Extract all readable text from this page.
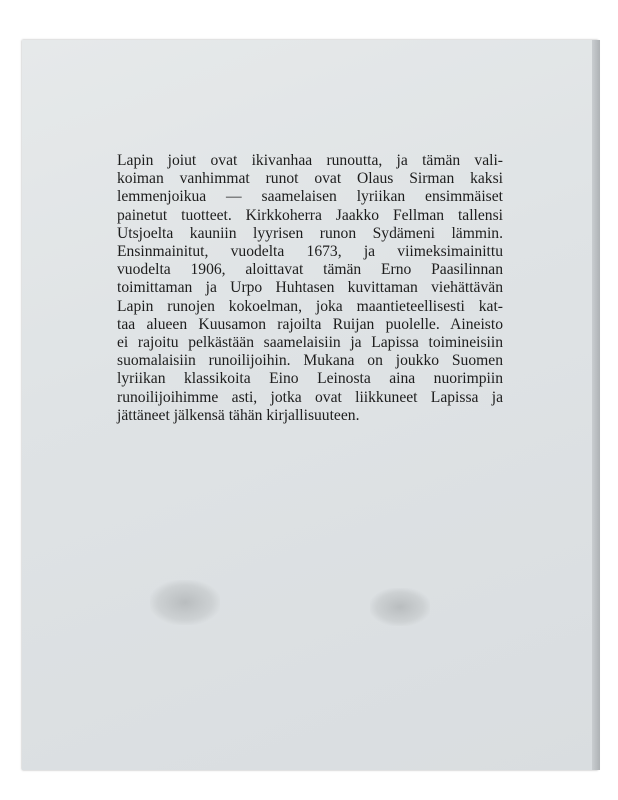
Lapin joiut ovat ikivanhaa runoutta, ja tämän vali-
koiman vanhimmat runot ovat Olaus Sirman kaksi
lemmenjoikua — saamelaisen lyriikan ensimmäiset
painetut tuotteet. Kirkkoherra Jaakko Fellman tallensi
Utsjoelta kauniin lyyrisen runon Sydämeni lämmin.
Ensinmainitut, vuodelta 1673, ja viimeksimainittu
vuodelta 1906, aloittavat tämän Erno Paasilinnan
toimittaman ja Urpo Huhtasen kuvittaman viehättävän
Lapin runojen kokoelman, joka maantieteellisesti kat-
taa alueen Kuusamon rajoilta Ruijan puolelle. Aineisto
ei rajoitu pelkästään saamelaisiin ja Lapissa toimineisiin
suomalaisiin runoilijoihin. Mukana on joukko Suomen
lyriikan klassikoita Eino Leinosta aina nuorimpiin
runoilijoihimme asti, jotka ovat liikkuneet Lapissa ja
jättäneet jälkensä tähän kirjallisuuteen.
